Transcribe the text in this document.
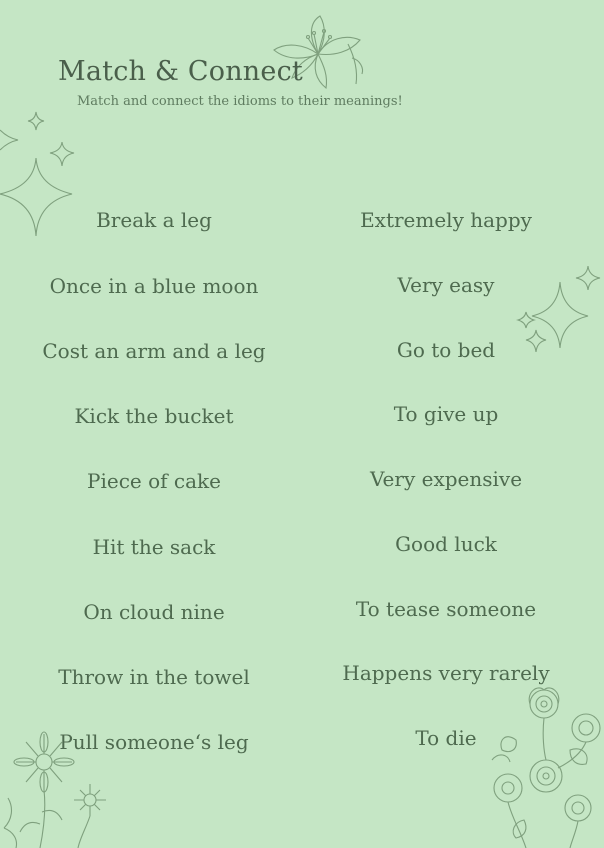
Match & Connect
Match and connect the idioms to their meanings!
Break a leg
Once in a blue moon
Cost an arm and a leg
Kick the bucket
Piece of cake
Hit the sack
On cloud nine
Throw in the towel
Pull someone‘s leg
Extremely happy
Very easy
Go to bed
To give up
Very expensive
Good luck
To tease someone
Happens very rarely
To die
